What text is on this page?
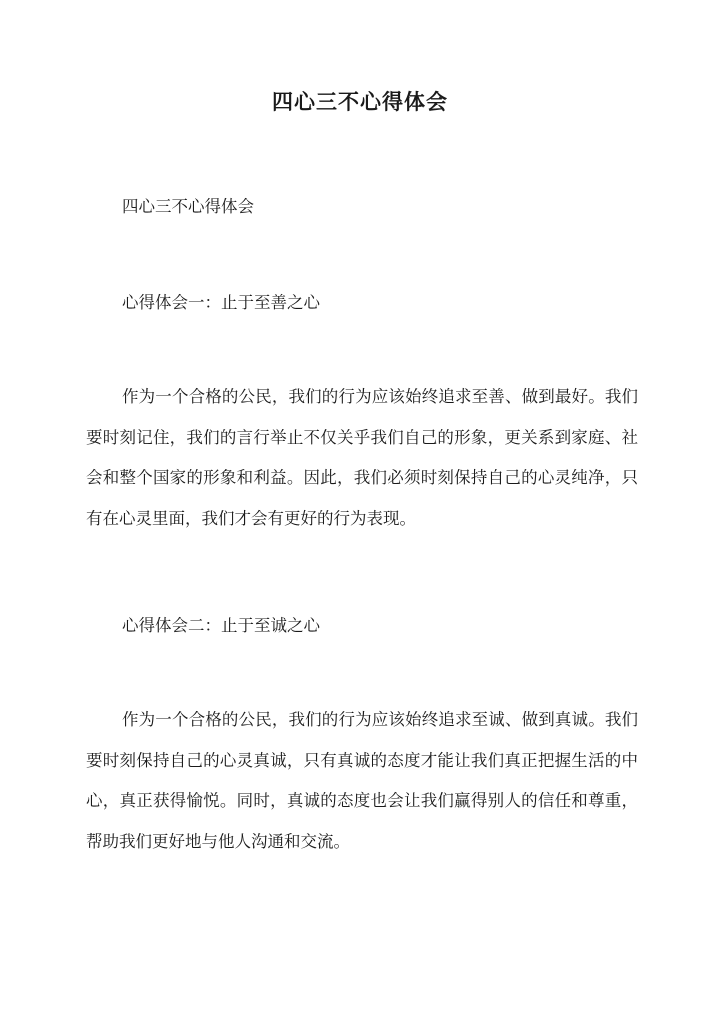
四心三不心得体会

四心三不心得体会

心得体会一：止于至善之心

作为一个合格的公民，我们的行为应该始终追求至善、做到最好。我们要时刻记住，我们的言行举止不仅关乎我们自己的形象，更关系到家庭、社会和整个国家的形象和利益。因此，我们必须时刻保持自己的心灵纯净，只有在心灵里面，我们才会有更好的行为表现。

心得体会二：止于至诚之心

作为一个合格的公民，我们的行为应该始终追求至诚、做到真诚。我们要时刻保持自己的心灵真诚，只有真诚的态度才能让我们真正把握生活的中心，真正获得愉悦。同时，真诚的态度也会让我们赢得别人的信任和尊重，帮助我们更好地与他人沟通和交流。
